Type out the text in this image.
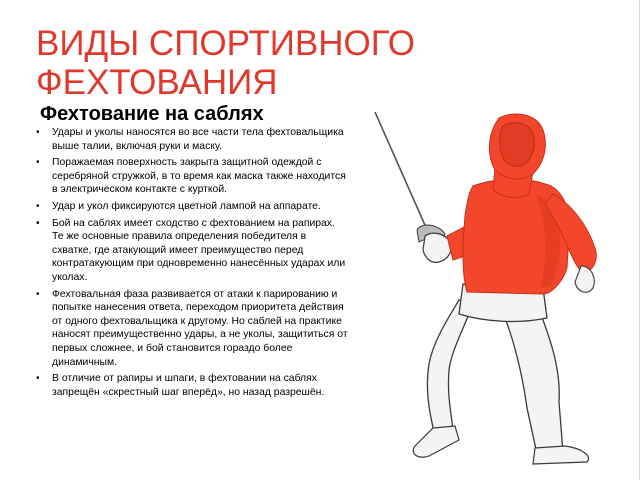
ВИДЫ СПОРТИВНОГО ФЕХТОВАНИЯ
Фехтование на саблях
• Удары и уколы наносятся во все части тела фехтовальщика выше талии, включая руки и маску.
• Поражаемая поверхность закрыта защитной одеждой с серебряной стружкой, в то время как маска также находится в электрическом контакте с курткой.
• Удар и укол фиксируются цветной лампой на аппарате.
• Бой на саблях имеет сходство с фехтованием на рапирах. Те же основные правила определения победителя в схватке, где атакующий имеет преимущество перед контратакующим при одновременно нанесённых ударах или уколах.
• Фехтовальная фаза развивается от атаки к парированию и попытке нанесения ответа, переходом приоритета действия от одного фехтовальщика к другому. Но саблей на практике наносят преимущественно удары, а не уколы, защититься от первых сложнее, и бой становится гораздо более динамичным.
• В отличие от рапиры и шпаги, в фехтовании на саблях запрещён «скрестный шаг вперёд», но назад разрешён.
